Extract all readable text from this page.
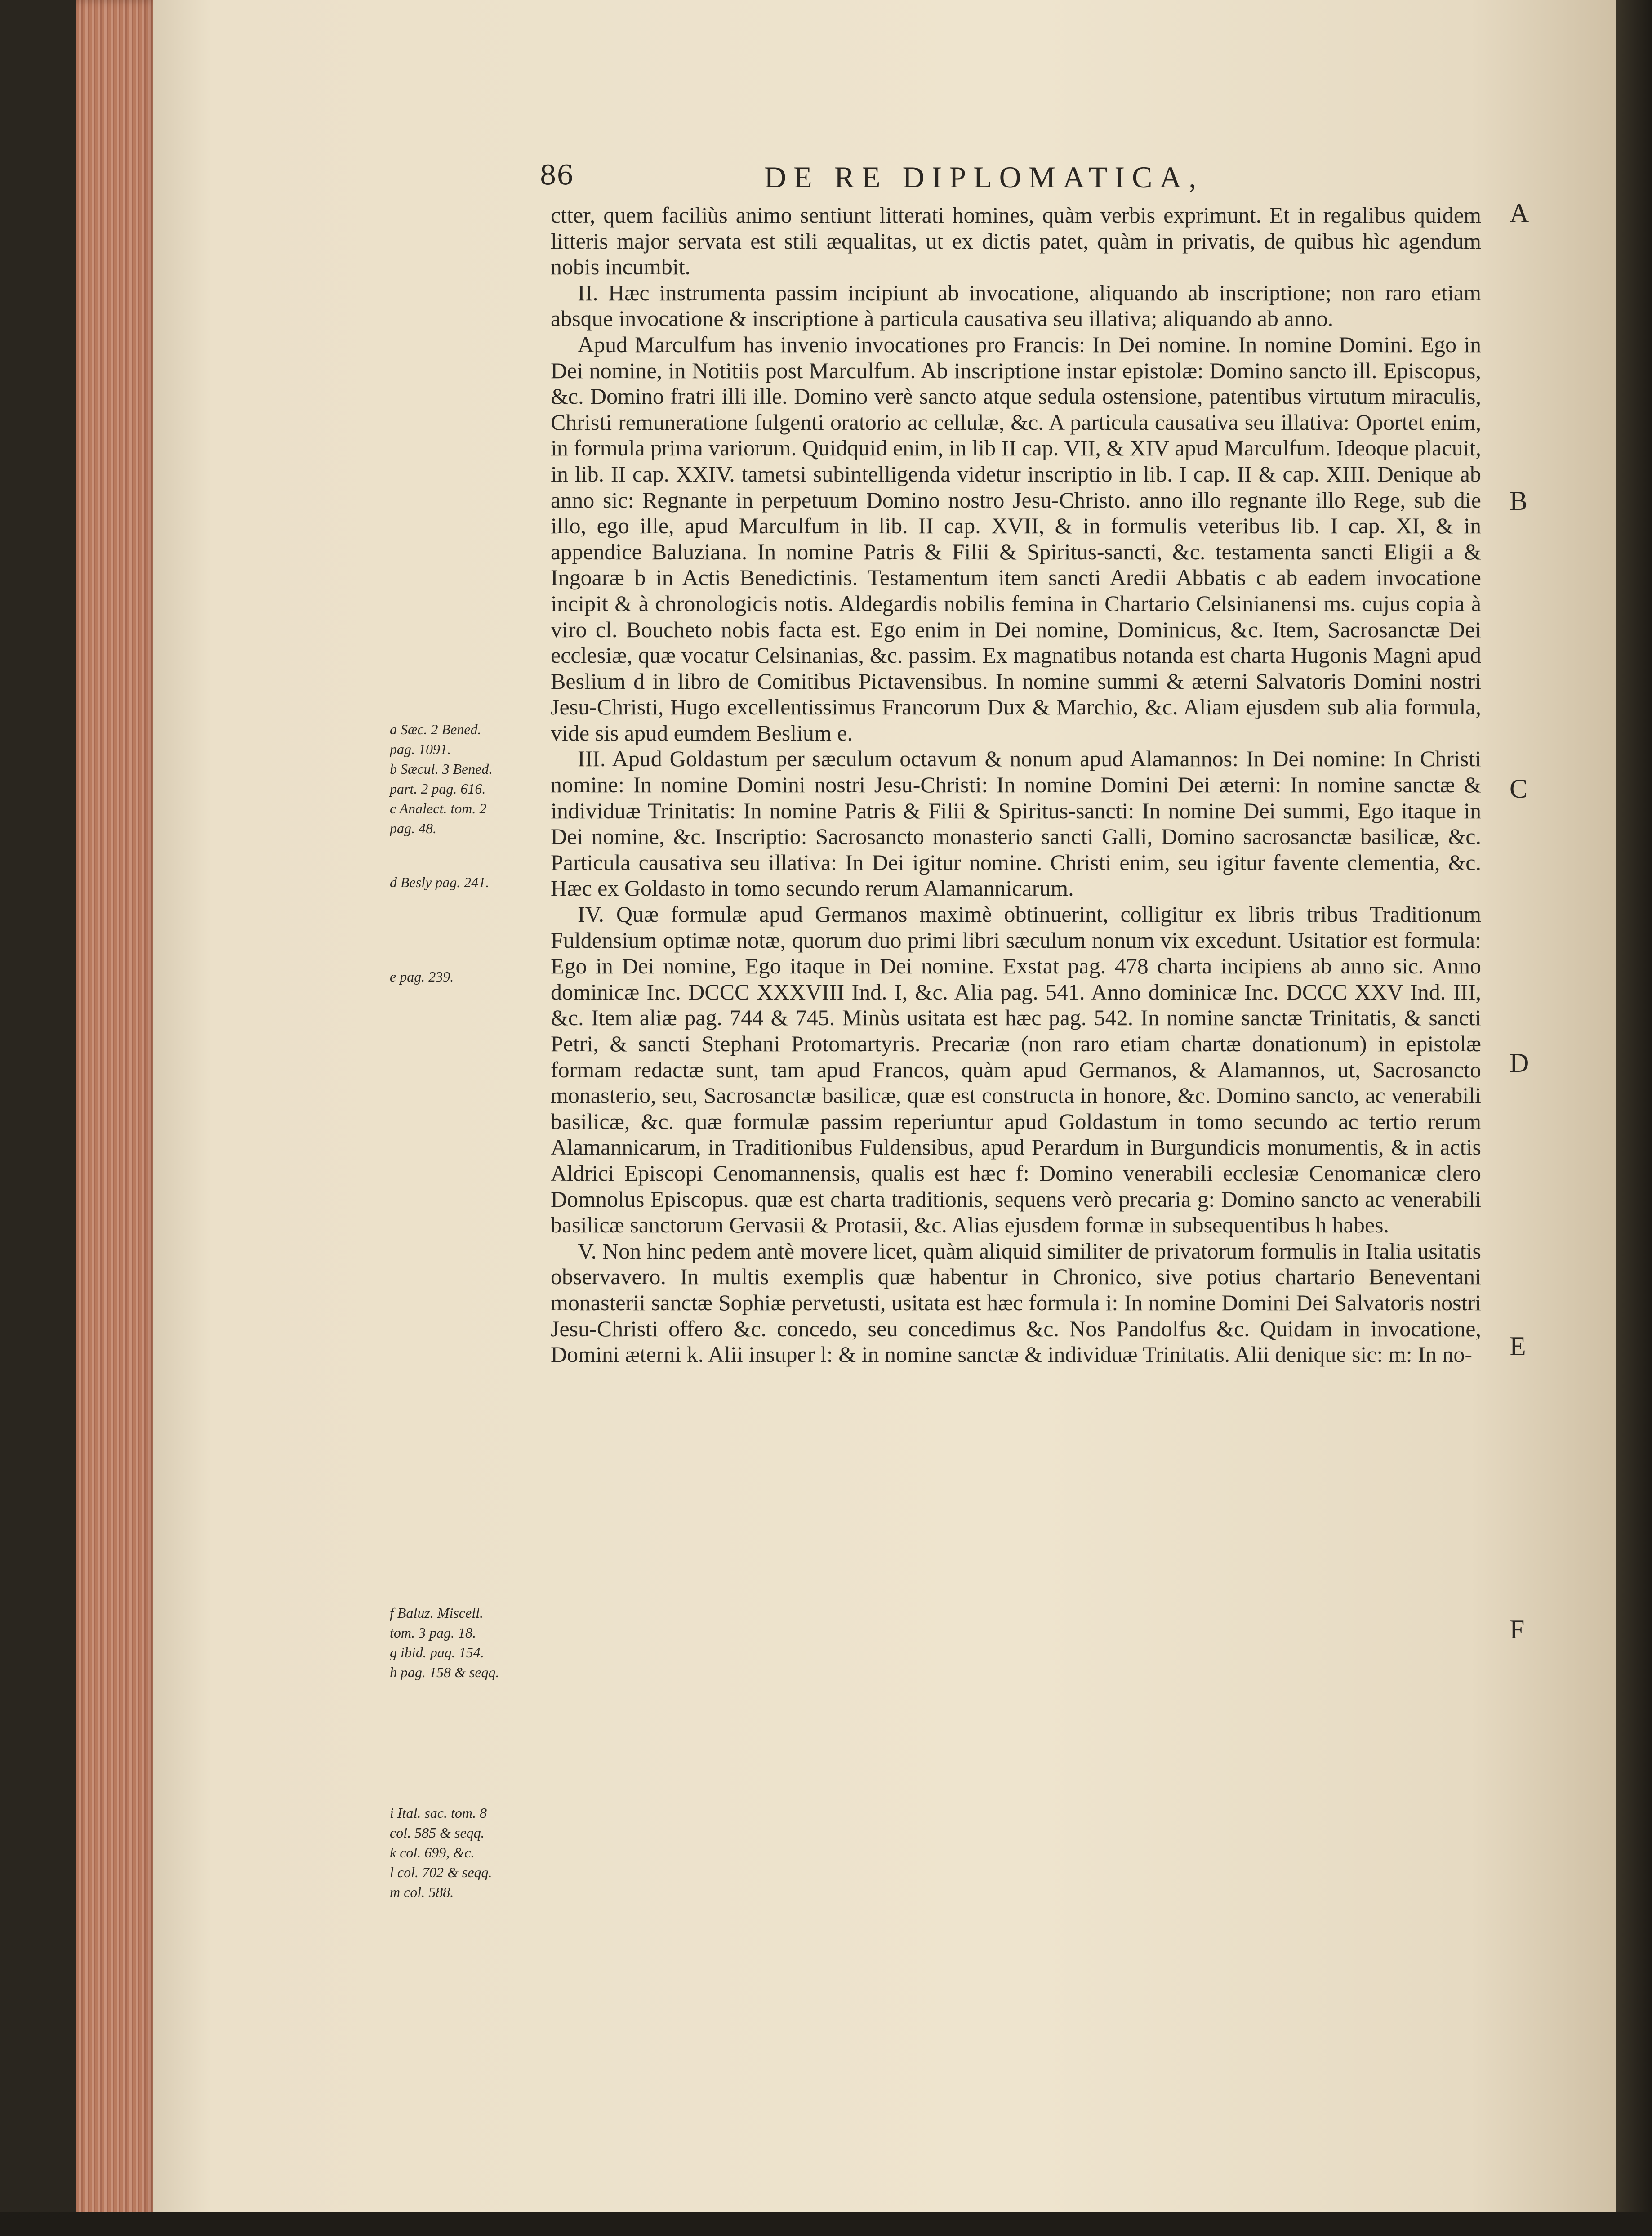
86	DE RE DIPLOMATICA,

ctter, quem faciliùs animo sentiunt litterati homines, quàm verbis exprimunt. Et in regalibus quidem litteris major servata est stili æqualitas, ut ex dictis patet, quàm in privatis, de quibus hìc agendum nobis incumbit.

II. Hæc instrumenta passim incipiunt ab invocatione, aliquando ab inscriptione; non raro etiam absque invocatione & inscriptione à particula causativa seu illativa; aliquando ab anno.

Apud Marculfum has invenio invocationes pro Francis: In Dei nomine. In nomine Domini. Ego in Dei nomine, in Notitiis post Marculfum. Ab inscriptione instar epistolæ: Domino sancto ill. Episcopus, &c. Domino fratri illi ille. Domino verè sancto atque sedula ostensione, patentibus virtutum miraculis, Christi remuneratione fulgenti oratorio ac cellulæ, &c. A particula causativa seu illativa: Oportet enim, in formula prima variorum. Quidquid enim, in lib II cap. VII, & XIV apud Marculfum. Ideoque placuit, in lib. II cap. XXIV. tametsi subintelligenda videtur inscriptio in lib. I cap. II & cap. XIII. Denique ab anno sic: Regnante in perpetuum Domino nostro Jesu-Christo. anno illo regnante illo Rege, sub die illo, ego ille, apud Marculfum in lib. II cap. XVII, & in formulis veteribus lib. I cap. XI, & in appendice Baluziana. In nomine Patris & Filii & Spiritus-sancti, &c. testamenta sancti Eligii a & Ingoaræ b in Actis Benedictinis. Testamentum item sancti Aredii Abbatis c ab eadem invocatione incipit & à chronologicis notis. Aldegardis nobilis femina in Chartario Celsinianensi ms. cujus copia à viro cl. Boucheto nobis facta est. Ego enim in Dei nomine, Dominicus, &c. Item, Sacrosanctæ Dei ecclesiæ, quæ vocatur Celsinanias, &c. passim. Ex magnatibus notanda est charta Hugonis Magni apud Beslium d in libro de Comitibus Pictavensibus. In nomine summi & æterni Salvatoris Domini nostri Jesu-Christi, Hugo excellentissimus Francorum Dux & Marchio, &c. Aliam ejusdem sub alia formula, vide sis apud eumdem Beslium e.

III. Apud Goldastum per sæculum octavum & nonum apud Alamannos: In Dei nomine: In Christi nomine: In nomine Domini nostri Jesu-Christi: In nomine Domini Dei æterni: In nomine sanctæ & individuæ Trinitatis: In nomine Patris & Filii & Spiritus-sancti: In nomine Dei summi, Ego itaque in Dei nomine, &c. Inscriptio: Sacrosancto monasterio sancti Galli, Domino sacrosanctæ basilicæ, &c. Particula causativa seu illativa: In Dei igitur nomine. Christi enim, seu igitur favente clementia, &c. Hæc ex Goldasto in tomo secundo rerum Alamannicarum.

IV. Quæ formulæ apud Germanos maximè obtinuerint, colligitur ex libris tribus Traditionum Fuldensium optimæ notæ, quorum duo primi libri sæculum nonum vix excedunt. Usitatior est formula: Ego in Dei nomine, Ego itaque in Dei nomine. Exstat pag. 478 charta incipiens ab anno sic. Anno dominicæ Inc. DCCC XXXVIII Ind. I, &c. Alia pag. 541. Anno dominicæ Inc. DCCC XXV Ind. III, &c. Item aliæ pag. 744 & 745. Minùs usitata est hæc pag. 542. In nomine sanctæ Trinitatis, & sancti Petri, & sancti Stephani Protomartyris. Precariæ (non raro etiam chartæ donationum) in epistolæ formam redactæ sunt, tam apud Francos, quàm apud Germanos, & Alamannos, ut, Sacrosancto monasterio, seu, Sacrosanctæ basilicæ, quæ est constructa in honore, &c. Domino sancto, ac venerabili basilicæ, &c. quæ formulæ passim reperiuntur apud Goldastum in tomo secundo ac tertio rerum Alamannicarum, in Traditionibus Fuldensibus, apud Perardum in Burgundicis monumentis, & in actis Aldrici Episcopi Cenomannensis, qualis est hæc f: Domino venerabili ecclesiæ Cenomanicæ clero Domnolus Episcopus. quæ est charta traditionis, sequens verò precaria g: Domino sancto ac venerabili basilicæ sanctorum Gervasii & Protasii, &c. Alias ejusdem formæ in subsequentibus h habes.

V. Non hinc pedem antè movere licet, quàm aliquid similiter de privatorum formulis in Italia usitatis observavero. In multis exemplis quæ habentur in Chronico, sive potius chartario Beneventani monasterii sanctæ Sophiæ pervetusti, usitata est hæc formula i: In nomine Domini Dei Salvatoris nostri Jesu-Christi offero &c. concedo, seu concedimus &c. Nos Pandolfus &c. Quidam in invocatione, Domini æterni k. Alii insuper l: & in nomine sanctæ & individuæ Trinitatis. Alii denique sic: m: In no-

A
B
C
D
E
F
a Sæc. 2 Bened.
pag. 1091.
b Sæcul. 3 Bened.
part. 2 pag. 616.
c Analect. tom. 2
pag. 48.
d Besly pag. 241.
e pag. 239.
f Baluz. Miscell.
tom. 3 pag. 18.
g ibid. pag. 154.
h pag. 158 & seqq.
i Ital. sac. tom. 8
col. 585 & seqq.
k col. 699, &c.
l col. 702 & seqq.
m col. 588.
